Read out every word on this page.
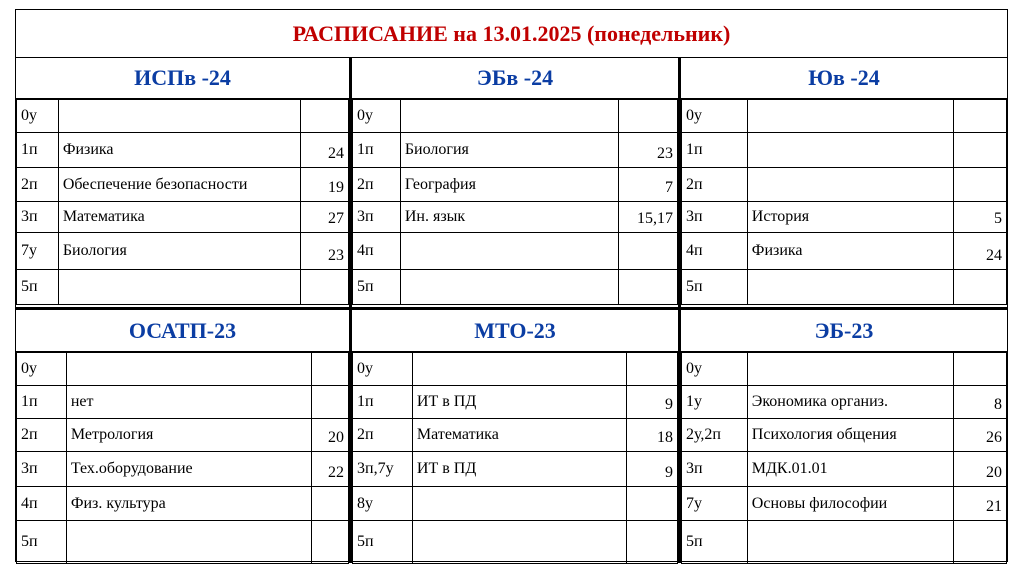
РАСПИСАНИЕ на 13.01.2025 (понедельник)
ИСПв -24
0у		
1п	Физика	24
2п	Обеспечение безопасности	19
3п	Математика	27
7у	Биология	23
5п		
ЭБв -24
0у		
1п	Биология	23
2п	География	7
3п	Ин. язык	15,17
4п		
5п		
Юв -24
0у		
1п		
2п		
3п	История	5
4п	Физика	24
5п		
ОСАТП-23
0у		
1п	нет	
2п	Метрология	20
3п	Тех.оборудование	22
4п	Физ. культура	
5п		
МТО-23
0у		
1п	ИТ в ПД	9
2п	Математика	18
3п,7у	ИТ в ПД	9
8у		
5п		
ЭБ-23
0у		
1у	Экономика организ.	8
2у,2п	Психология общения	26
3п	МДК.01.01	20
7у	Основы философии	21
5п		
